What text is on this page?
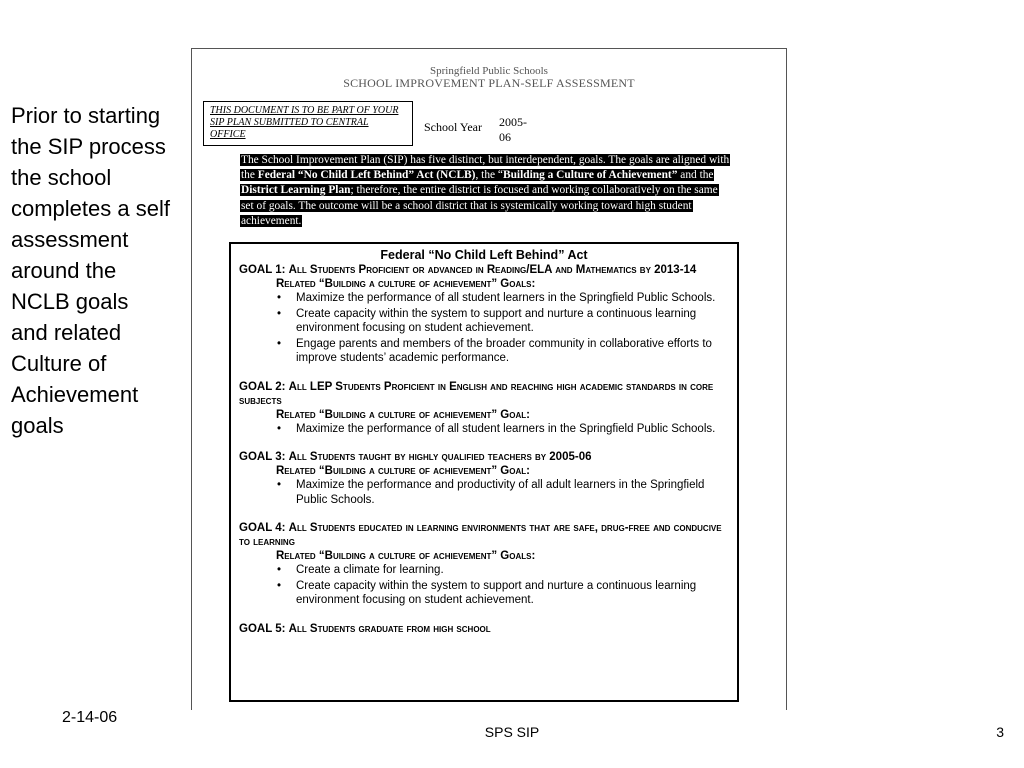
Prior to starting the SIP process the school completes a self assessment around the NCLB goals and related Culture of Achievement goals
Springfield Public Schools
SCHOOL IMPROVEMENT PLAN-SELF ASSESSMENT
THIS DOCUMENT IS TO BE PART OF YOUR SIP PLAN SUBMITTED TO CENTRAL OFFICE
School Year 2005-06
The School Improvement Plan (SIP) has five distinct, but interdependent, goals. The goals are aligned with the Federal “No Child Left Behind” Act (NCLB), the “Building a Culture of Achievement” and the District Learning Plan; therefore, the entire district is focused and working collaboratively on the same set of goals. The outcome will be a school district that is systemically working toward high student achievement.
Federal “No Child Left Behind” Act
GOAL 1: All Students Proficient or advanced in Reading/ELA and Mathematics by 2013-14
Related “Building a culture of achievement” Goals:
• Maximize the performance of all student learners in the Springfield Public Schools.
• Create capacity within the system to support and nurture a continuous learning environment focusing on student achievement.
• Engage parents and members of the broader community in collaborative efforts to improve students’ academic performance.
GOAL 2: All LEP Students Proficient in English and reaching high academic standards in core subjects
Related “Building a culture of achievement” Goal:
• Maximize the performance of all student learners in the Springfield Public Schools.
GOAL 3: All Students taught by highly qualified teachers by 2005-06
Related “Building a culture of achievement” Goal:
• Maximize the performance and productivity of all adult learners in the Springfield Public Schools.
GOAL 4: All Students educated in learning environments that are safe, drug-free and conducive to learning
Related “Building a culture of achievement” Goals:
• Create a climate for learning.
• Create capacity within the system to support and nurture a continuous learning environment focusing on student achievement.
GOAL 5: All Students graduate from high school
2-14-06
SPS SIP	3
